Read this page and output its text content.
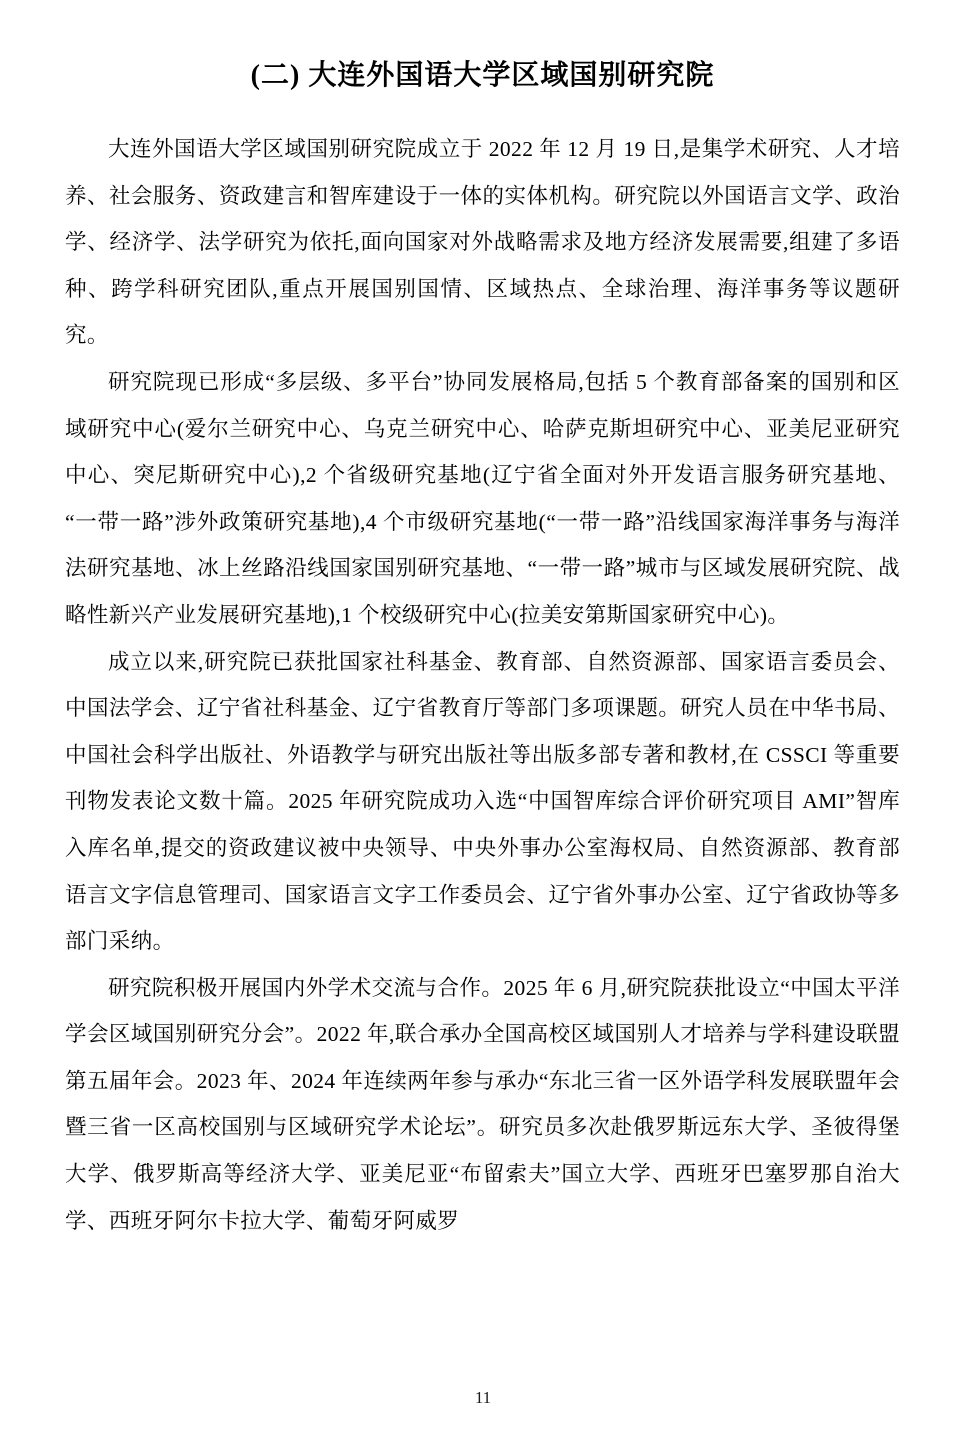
(二) 大连外国语大学区域国别研究院

大连外国语大学区域国别研究院成立于 2022 年 12 月 19 日,是集学术研究、人才培养、社会服务、资政建言和智库建设于一体的实体机构。研究院以外国语言文学、政治学、经济学、法学研究为依托,面向国家对外战略需求及地方经济发展需要,组建了多语种、跨学科研究团队,重点开展国别国情、区域热点、全球治理、海洋事务等议题研究。

研究院现已形成“多层级、多平台”协同发展格局,包括 5 个教育部备案的国别和区域研究中心(爱尔兰研究中心、乌克兰研究中心、哈萨克斯坦研究中心、亚美尼亚研究中心、突尼斯研究中心),2 个省级研究基地(辽宁省全面对外开发语言服务研究基地、“一带一路”涉外政策研究基地),4 个市级研究基地(“一带一路”沿线国家海洋事务与海洋法研究基地、冰上丝路沿线国家国别研究基地、“一带一路”城市与区域发展研究院、战略性新兴产业发展研究基地),1 个校级研究中心(拉美安第斯国家研究中心)。

成立以来,研究院已获批国家社科基金、教育部、自然资源部、国家语言委员会、中国法学会、辽宁省社科基金、辽宁省教育厅等部门多项课题。研究人员在中华书局、中国社会科学出版社、外语教学与研究出版社等出版多部专著和教材,在 CSSCI 等重要刊物发表论文数十篇。2025 年研究院成功入选“中国智库综合评价研究项目 AMI”智库入库名单,提交的资政建议被中央领导、中央外事办公室海权局、自然资源部、教育部语言文字信息管理司、国家语言文字工作委员会、辽宁省外事办公室、辽宁省政协等多部门采纳。

研究院积极开展国内外学术交流与合作。2025 年 6 月,研究院获批设立“中国太平洋学会区域国别研究分会”。2022 年,联合承办全国高校区域国别人才培养与学科建设联盟第五届年会。2023 年、2024 年连续两年参与承办“东北三省一区外语学科发展联盟年会暨三省一区高校国别与区域研究学术论坛”。研究员多次赴俄罗斯远东大学、圣彼得堡大学、俄罗斯高等经济大学、亚美尼亚“布留索夫”国立大学、西班牙巴塞罗那自治大学、西班牙阿尔卡拉大学、葡萄牙阿威罗

11
